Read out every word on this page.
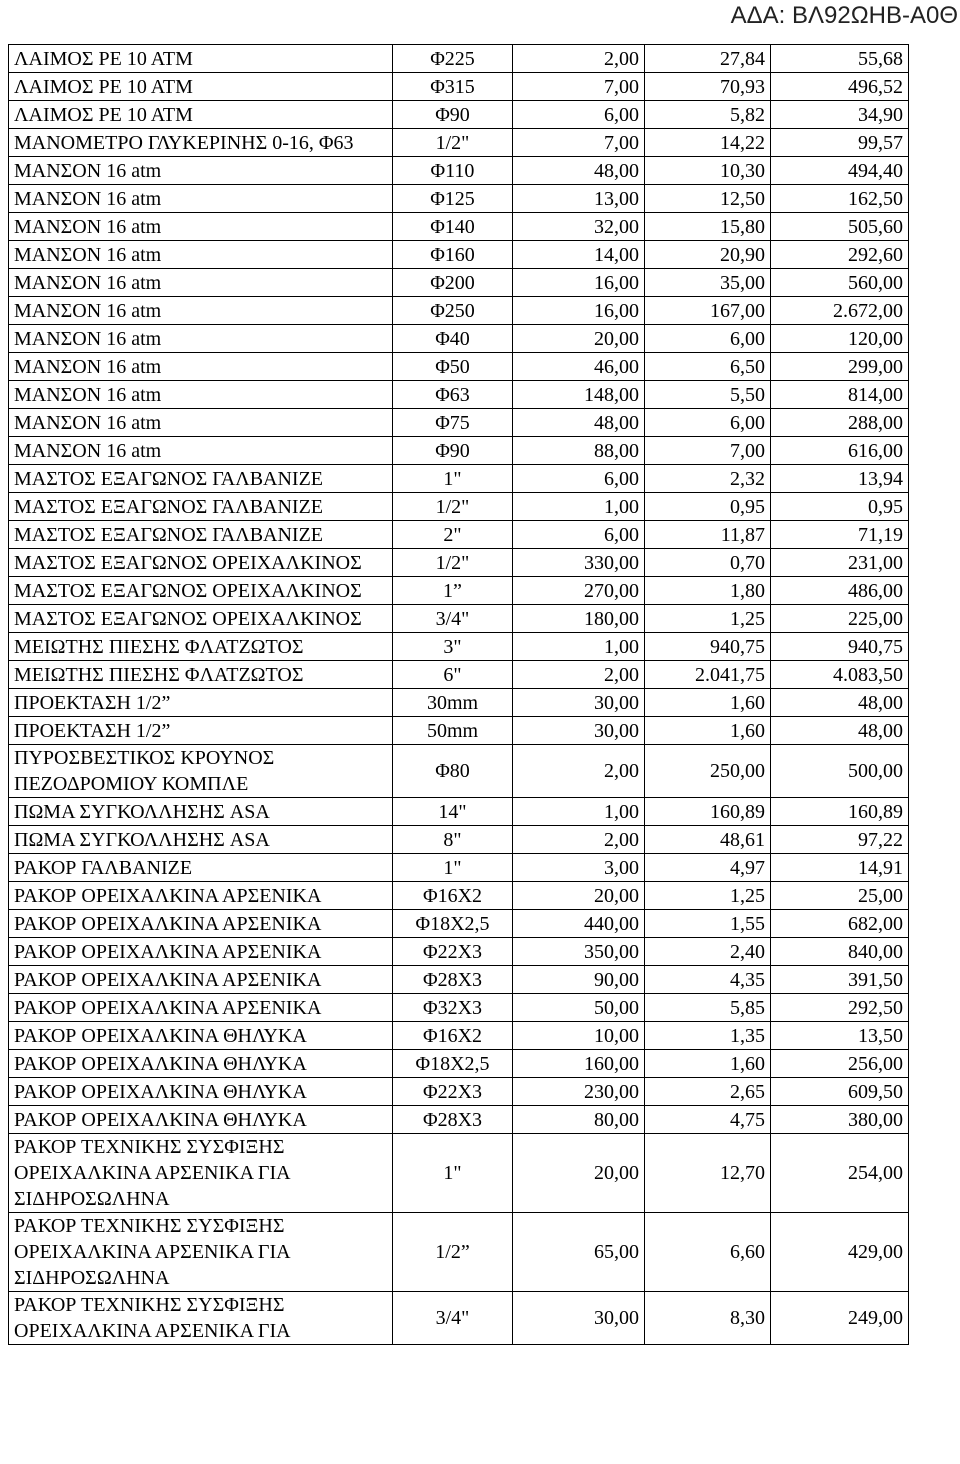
ΑΔΑ: ΒΛ92ΩΗΒ-Α0Θ
ΛΑΙΜΟΣ PE 10 ATM	Φ225	2,00	27,84	55,68
ΛΑΙΜΟΣ PE 10 ATM	Φ315	7,00	70,93	496,52
ΛΑΙΜΟΣ PE 10 ATM	Φ90	6,00	5,82	34,90
ΜΑΝΟΜΕΤΡΟ ΓΛΥΚΕΡΙΝΗΣ 0-16, Φ63	1/2"	7,00	14,22	99,57
ΜΑΝΣΟΝ 16 atm	Φ110	48,00	10,30	494,40
ΜΑΝΣΟΝ 16 atm	Φ125	13,00	12,50	162,50
ΜΑΝΣΟΝ 16 atm	Φ140	32,00	15,80	505,60
ΜΑΝΣΟΝ 16 atm	Φ160	14,00	20,90	292,60
ΜΑΝΣΟΝ 16 atm	Φ200	16,00	35,00	560,00
ΜΑΝΣΟΝ 16 atm	Φ250	16,00	167,00	2.672,00
ΜΑΝΣΟΝ 16 atm	Φ40	20,00	6,00	120,00
ΜΑΝΣΟΝ 16 atm	Φ50	46,00	6,50	299,00
ΜΑΝΣΟΝ 16 atm	Φ63	148,00	5,50	814,00
ΜΑΝΣΟΝ 16 atm	Φ75	48,00	6,00	288,00
ΜΑΝΣΟΝ 16 atm	Φ90	88,00	7,00	616,00
ΜΑΣΤΟΣ ΕΞΑΓΩΝΟΣ ΓΑΛΒΑΝΙΖΕ	1"	6,00	2,32	13,94
ΜΑΣΤΟΣ ΕΞΑΓΩΝΟΣ ΓΑΛΒΑΝΙΖΕ	1/2"	1,00	0,95	0,95
ΜΑΣΤΟΣ ΕΞΑΓΩΝΟΣ ΓΑΛΒΑΝΙΖΕ	2"	6,00	11,87	71,19
ΜΑΣΤΟΣ ΕΞΑΓΩΝΟΣ ΟΡΕΙΧΑΛΚΙΝΟΣ	1/2"	330,00	0,70	231,00
ΜΑΣΤΟΣ ΕΞΑΓΩΝΟΣ ΟΡΕΙΧΑΛΚΙΝΟΣ	1”	270,00	1,80	486,00
ΜΑΣΤΟΣ ΕΞΑΓΩΝΟΣ ΟΡΕΙΧΑΛΚΙΝΟΣ	3/4"	180,00	1,25	225,00
ΜΕΙΩΤΗΣ ΠΙΕΣΗΣ ΦΛΑΤΖΩΤΟΣ	3"	1,00	940,75	940,75
ΜΕΙΩΤΗΣ ΠΙΕΣΗΣ ΦΛΑΤΖΩΤΟΣ	6"	2,00	2.041,75	4.083,50
ΠΡΟΕΚΤΑΣΗ 1/2”	30mm	30,00	1,60	48,00
ΠΡΟΕΚΤΑΣΗ 1/2”	50mm	30,00	1,60	48,00
ΠΥΡΟΣΒΕΣΤΙΚΟΣ ΚΡΟΥΝΟΣ ΠΕΖΟΔΡΟΜΙΟΥ ΚΟΜΠΛΕ	Φ80	2,00	250,00	500,00
ΠΩΜΑ ΣΥΓΚΟΛΛΗΣΗΣ ASA	14"	1,00	160,89	160,89
ΠΩΜΑ ΣΥΓΚΟΛΛΗΣΗΣ ASA	8"	2,00	48,61	97,22
ΡΑΚΟΡ ΓΑΛΒΑΝΙΖΕ	1"	3,00	4,97	14,91
ΡΑΚΟΡ ΟΡΕΙΧΑΛΚΙΝΑ ΑΡΣΕΝΙΚΑ	Φ16Χ2	20,00	1,25	25,00
ΡΑΚΟΡ ΟΡΕΙΧΑΛΚΙΝΑ ΑΡΣΕΝΙΚΑ	Φ18Χ2,5	440,00	1,55	682,00
ΡΑΚΟΡ ΟΡΕΙΧΑΛΚΙΝΑ ΑΡΣΕΝΙΚΑ	Φ22Χ3	350,00	2,40	840,00
ΡΑΚΟΡ ΟΡΕΙΧΑΛΚΙΝΑ ΑΡΣΕΝΙΚΑ	Φ28Χ3	90,00	4,35	391,50
ΡΑΚΟΡ ΟΡΕΙΧΑΛΚΙΝΑ ΑΡΣΕΝΙΚΑ	Φ32Χ3	50,00	5,85	292,50
ΡΑΚΟΡ ΟΡΕΙΧΑΛΚΙΝΑ ΘΗΛΥΚΑ	Φ16Χ2	10,00	1,35	13,50
ΡΑΚΟΡ ΟΡΕΙΧΑΛΚΙΝΑ ΘΗΛΥΚΑ	Φ18Χ2,5	160,00	1,60	256,00
ΡΑΚΟΡ ΟΡΕΙΧΑΛΚΙΝΑ ΘΗΛΥΚΑ	Φ22Χ3	230,00	2,65	609,50
ΡΑΚΟΡ ΟΡΕΙΧΑΛΚΙΝΑ ΘΗΛΥΚΑ	Φ28Χ3	80,00	4,75	380,00
ΡΑΚΟΡ ΤΕΧΝΙΚΗΣ ΣΥΣΦΙΞΗΣ ΟΡΕΙΧΑΛΚΙΝΑ ΑΡΣΕΝΙΚΑ ΓΙΑ ΣΙΔΗΡΟΣΩΛΗΝΑ	1"	20,00	12,70	254,00
ΡΑΚΟΡ ΤΕΧΝΙΚΗΣ ΣΥΣΦΙΞΗΣ ΟΡΕΙΧΑΛΚΙΝΑ ΑΡΣΕΝΙΚΑ ΓΙΑ ΣΙΔΗΡΟΣΩΛΗΝΑ	1/2”	65,00	6,60	429,00
ΡΑΚΟΡ ΤΕΧΝΙΚΗΣ ΣΥΣΦΙΞΗΣ ΟΡΕΙΧΑΛΚΙΝΑ ΑΡΣΕΝΙΚΑ ΓΙΑ	3/4"	30,00	8,30	249,00
